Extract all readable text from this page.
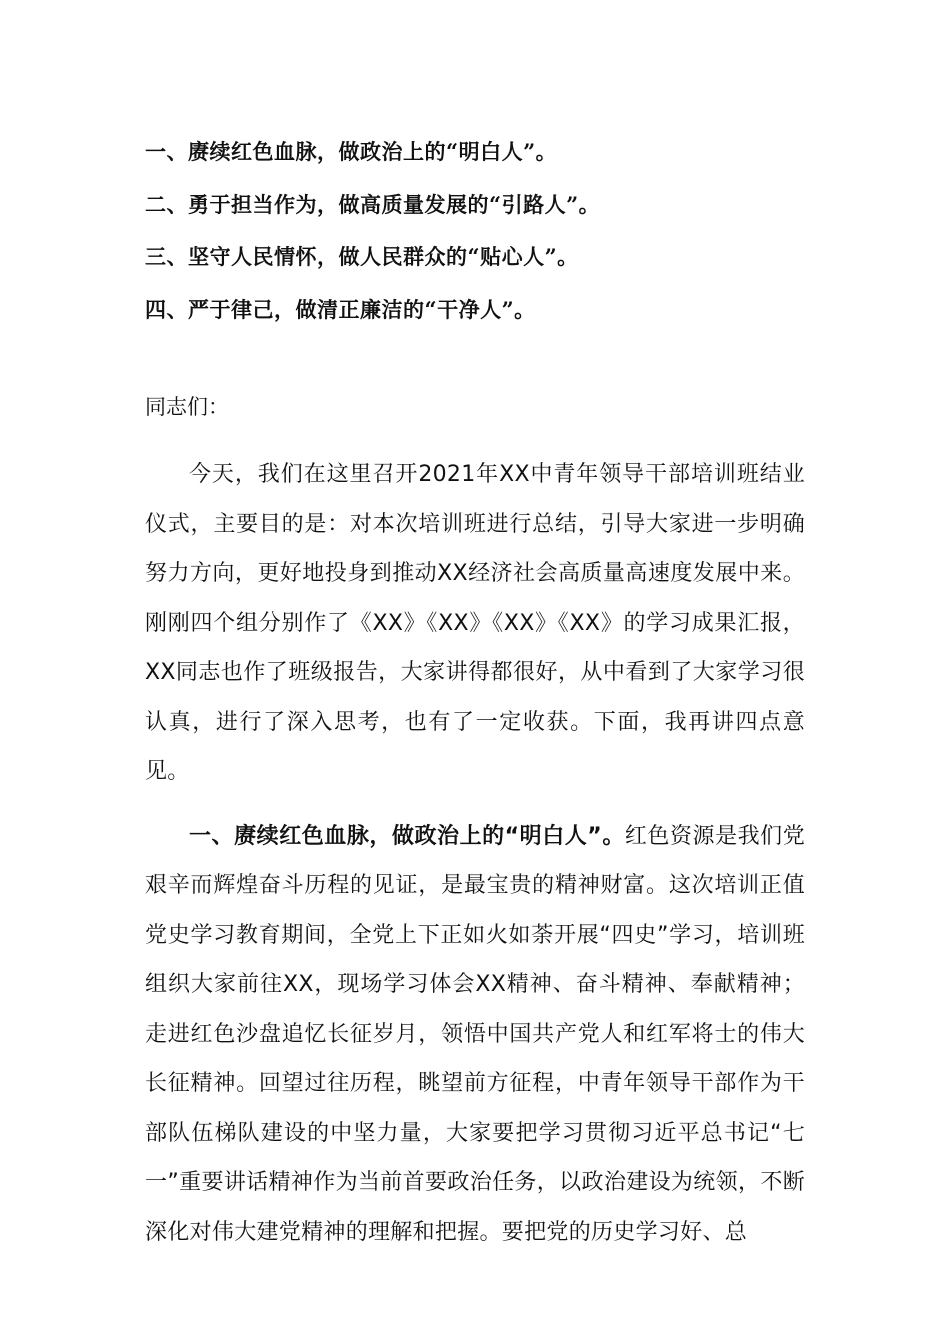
一、赓续红色血脉，做政治上的“明白人”。
二、勇于担当作为，做高质量发展的“引路人”。
三、坚守人民情怀，做人民群众的“贴心人”。
四、严于律己，做清正廉洁的“干净人”。
同志们：

今天，我们在这里召开2021年XX中青年领导干部培训班结业仪式，主要目的是：对本次培训班进行总结，引导大家进一步明确努力方向，更好地投身到推动XX经济社会高质量高速度发展中来。刚刚四个组分别作了《XX》《XX》《XX》《XX》的学习成果汇报，XX同志也作了班级报告，大家讲得都很好，从中看到了大家学习很认真，进行了深入思考，也有了一定收获。下面，我再讲四点意见。

一、赓续红色血脉，做政治上的“明白人”。红色资源是我们党艰辛而辉煌奋斗历程的见证，是最宝贵的精神财富。这次培训正值党史学习教育期间，全党上下正如火如荼开展“四史”学习，培训班组织大家前往XX，现场学习体会XX精神、奋斗精神、奉献精神；走进红色沙盘追忆长征岁月，领悟中国共产党人和红军将士的伟大长征精神。回望过往历程，眺望前方征程，中青年领导干部作为干部队伍梯队建设的中坚力量，大家要把学习贯彻习近平总书记“七一”重要讲话精神作为当前首要政治任务，以政治建设为统领，不断深化对伟大建党精神的理解和把握。要把党的历史学习好、总
